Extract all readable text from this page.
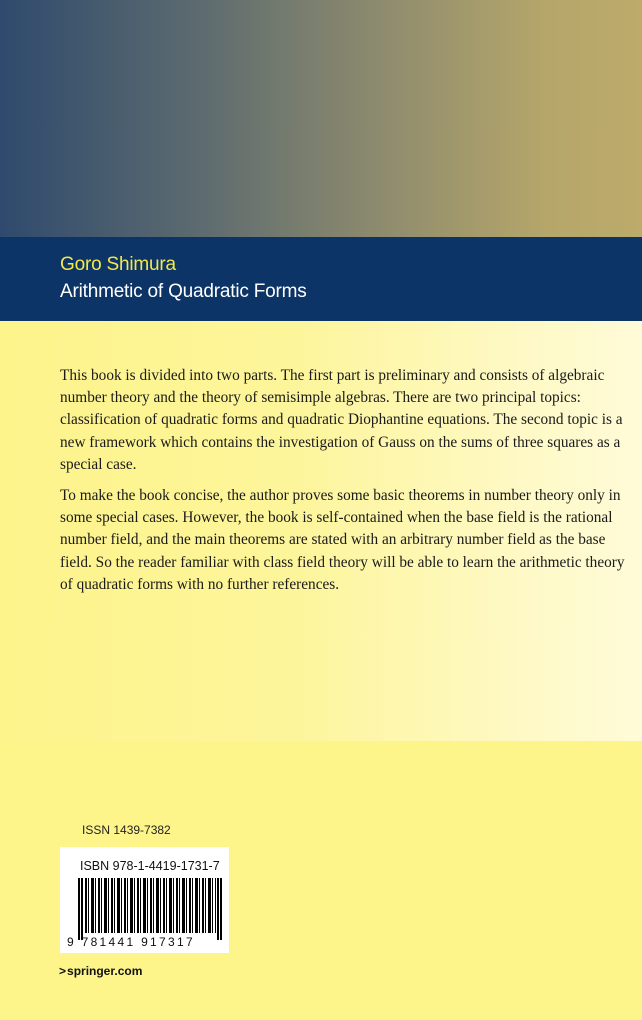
Goro Shimura
Arithmetic of Quadratic Forms

This book is divided into two parts. The first part is preliminary and consists of algebraic number theory and the theory of semisimple algebras. There are two principal topics: classification of quadratic forms and quadratic Diophantine equations. The second topic is a new framework which contains the investigation of Gauss on the sums of three squares as a special case.

To make the book concise, the author proves some basic theorems in number theory only in some special cases. However, the book is self-contained when the base field is the rational number field, and the main theorems are stated with an arbitrary number field as the base field. So the reader familiar with class field theory will be able to learn the arithmetic theory of quadratic forms with no further references.

ISSN 1439-7382
ISBN 978-1-4419-1731-7
9 781441 917317
>springer.com
